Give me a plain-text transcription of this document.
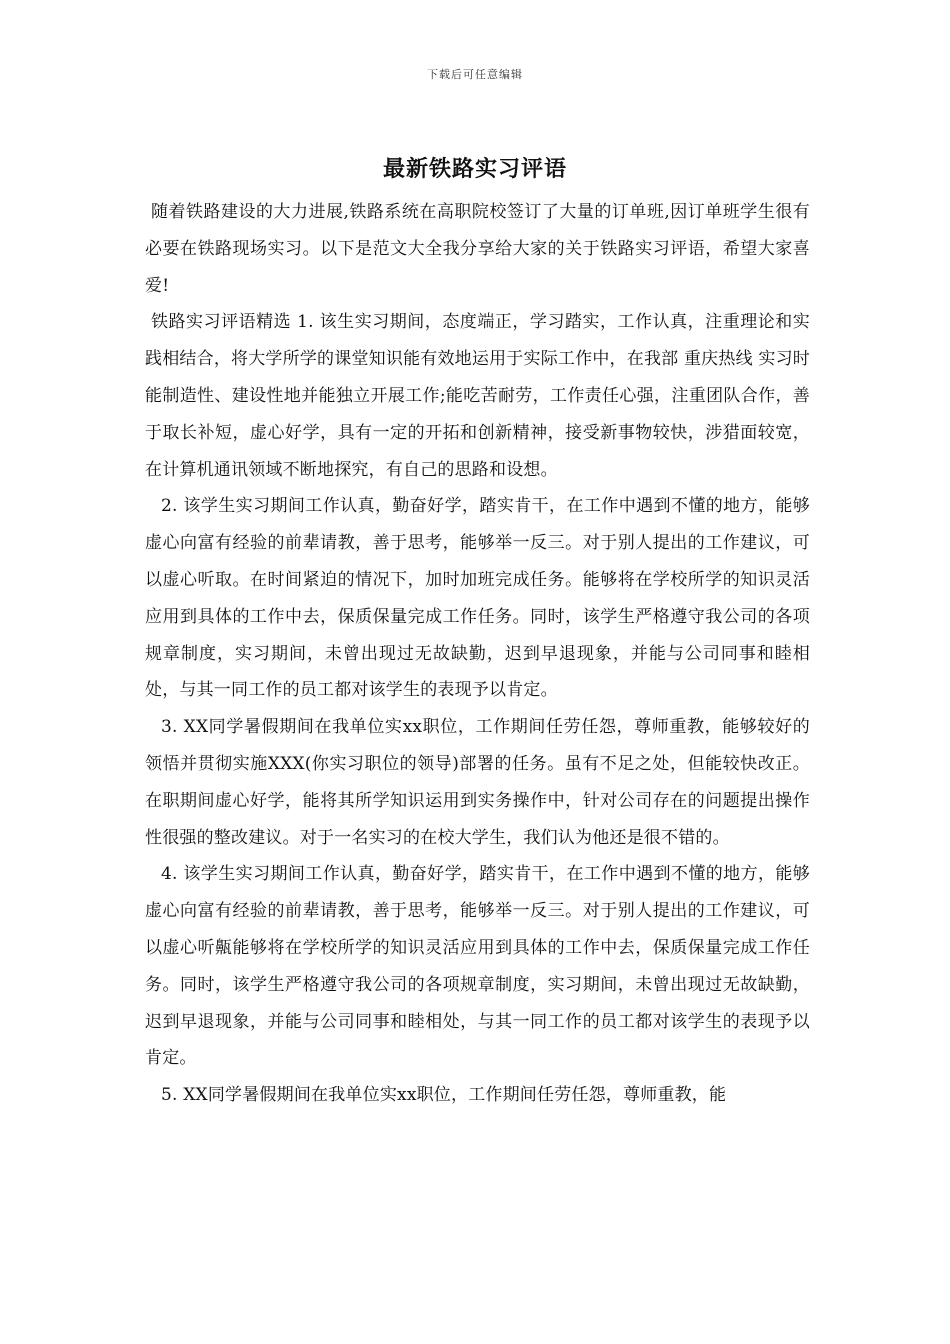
下载后可任意编辑
最新铁路实习评语

随着铁路建设的大力进展,铁路系统在高职院校签订了大量的订单班,因订单班学生很有必要在铁路现场实习。以下是范文大全我分享给大家的关于铁路实习评语，希望大家喜爱!

铁路实习评语精选 1. 该生实习期间，态度端正，学习踏实，工作认真，注重理论和实践相结合，将大学所学的课堂知识能有效地运用于实际工作中，在我部 重庆热线 实习时能制造性、建设性地并能独立开展工作;能吃苦耐劳，工作责任心强，注重团队合作，善于取长补短，虚心好学，具有一定的开拓和创新精神，接受新事物较快，涉猎面较宽，在计算机通讯领域不断地探究，有自己的思路和设想。

2. 该学生实习期间工作认真，勤奋好学，踏实肯干，在工作中遇到不懂的地方，能够虚心向富有经验的前辈请教，善于思考，能够举一反三。对于别人提出的工作建议，可以虚心听取。在时间紧迫的情况下，加时加班完成任务。能够将在学校所学的知识灵活应用到具体的工作中去，保质保量完成工作任务。同时，该学生严格遵守我公司的各项规章制度，实习期间，未曾出现过无故缺勤，迟到早退现象，并能与公司同事和睦相处，与其一同工作的员工都对该学生的表现予以肯定。

3. XX同学暑假期间在我单位实xx职位，工作期间任劳任怨，尊师重教，能够较好的领悟并贯彻实施XXX(你实习职位的领导)部署的任务。虽有不足之处，但能较快改正。在职期间虚心好学，能将其所学知识运用到实务操作中，针对公司存在的问题提出操作性很强的整改建议。对于一名实习的在校大学生，我们认为他还是很不错的。

4. 该学生实习期间工作认真，勤奋好学，踏实肯干，在工作中遇到不懂的地方，能够虚心向富有经验的前辈请教，善于思考，能够举一反三。对于别人提出的工作建议，可以虚心听齀能够将在学校所学的知识灵活应用到具体的工作中去，保质保量完成工作任务。同时，该学生严格遵守我公司的各项规章制度，实习期间，未曾出现过无故缺勤，迟到早退现象，并能与公司同事和睦相处，与其一同工作的员工都对该学生的表现予以肯定。

5. XX同学暑假期间在我单位实xx职位，工作期间任劳任怨，尊师重教，能
